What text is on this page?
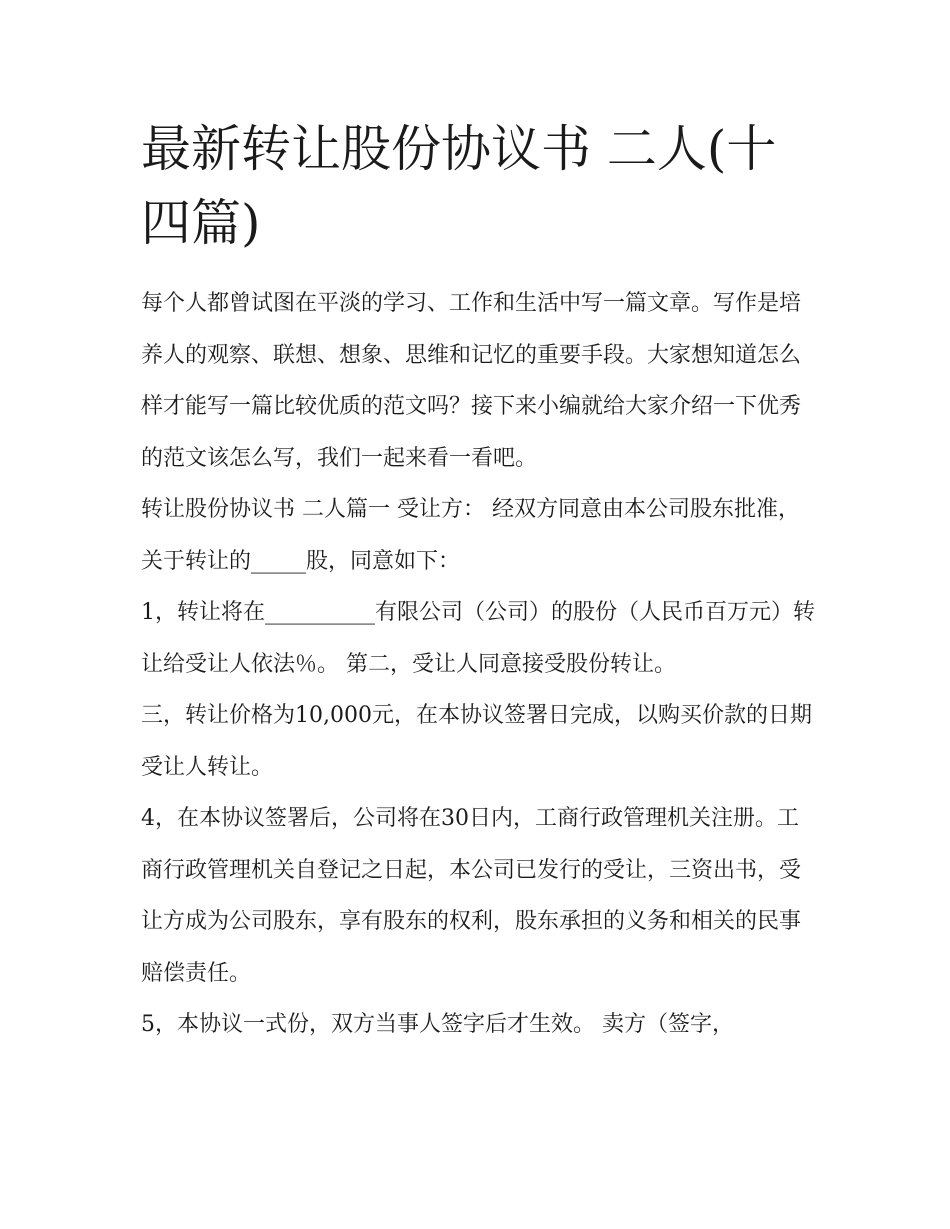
最新转让股份协议书 二人(十四篇)

每个人都曾试图在平淡的学习、工作和生活中写一篇文章。写作是培养人的观察、联想、想象、思维和记忆的重要手段。大家想知道怎么样才能写一篇比较优质的范文吗？接下来小编就给大家介绍一下优秀的范文该怎么写，我们一起来看一看吧。

转让股份协议书 二人篇一 受让方： 经双方同意由本公司股东批准，关于转让的_____股，同意如下：

1，转让将在__________有限公司（公司）的股份（人民币百万元）转让给受让人依法％。 第二，受让人同意接受股份转让。

三，转让价格为10,000元，在本协议签署日完成，以购买价款的日期受让人转让。

4，在本协议签署后，公司将在30日内，工商行政管理机关注册。工商行政管理机关自登记之日起，本公司已发行的受让，三资出书，受让方成为公司股东，享有股东的权利，股东承担的义务和相关的民事赔偿责任。

5，本协议一式份，双方当事人签字后才生效。 卖方（签字，
